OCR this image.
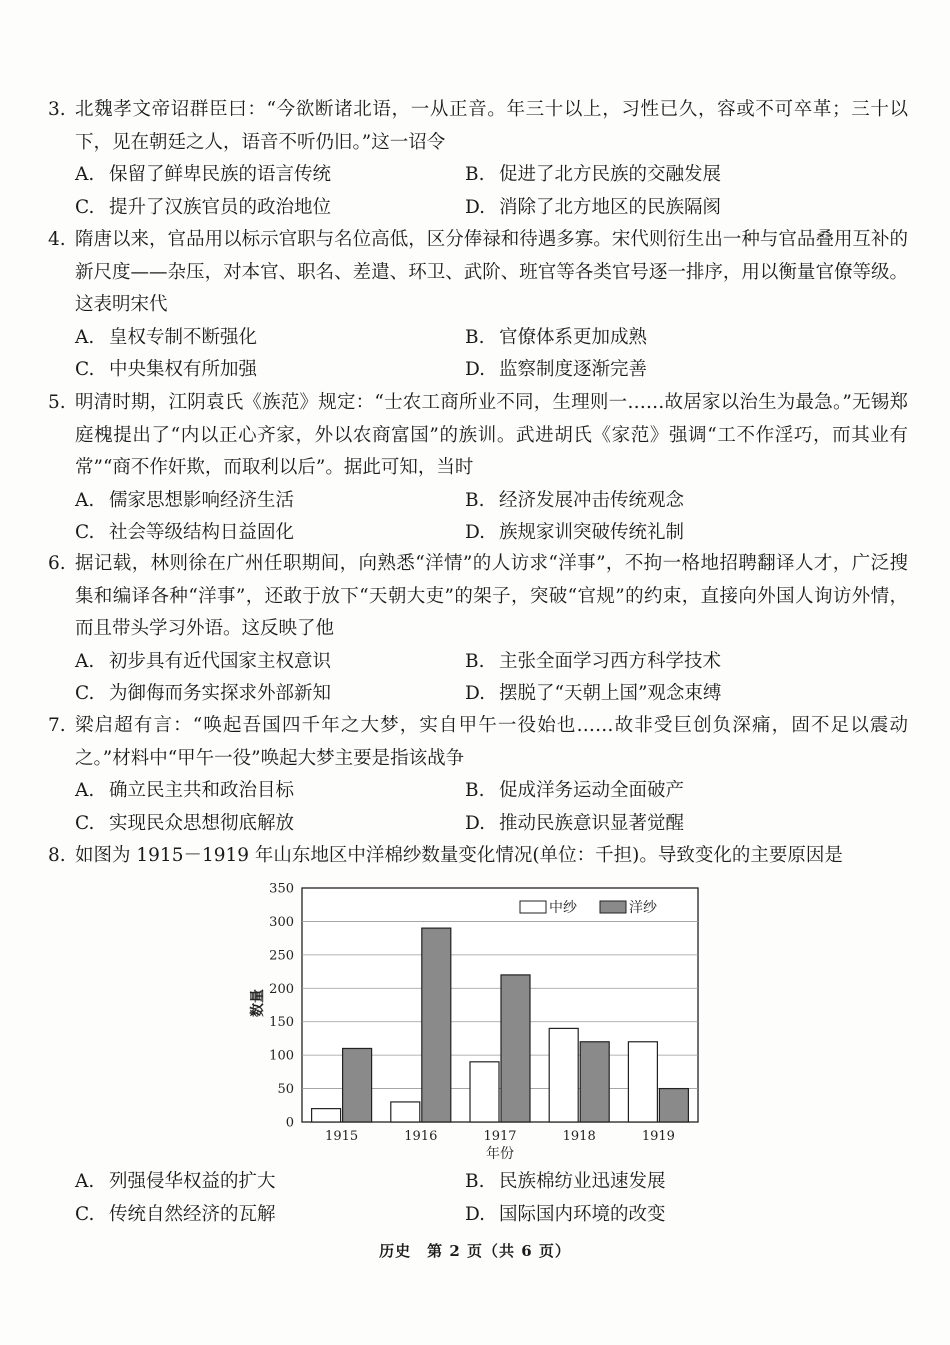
3. 北魏孝文帝诏群臣曰：“今欲断诸北语，一从正音。年三十以上，习性已久，容或不可卒革；三十以下，见在朝廷之人，语音不听仍旧。”这一诏令
A. 保留了鲜卑民族的语言传统	B. 促进了北方民族的交融发展
C. 提升了汉族官员的政治地位	D. 消除了北方地区的民族隔阂
4. 隋唐以来，官品用以标示官职与名位高低，区分俸禄和待遇多寡。宋代则衍生出一种与官品叠用互补的新尺度——杂压，对本官、职名、差遣、环卫、武阶、班官等各类官号逐一排序，用以衡量官僚等级。这表明宋代
A. 皇权专制不断强化	B. 官僚体系更加成熟
C. 中央集权有所加强	D. 监察制度逐渐完善
5. 明清时期，江阴袁氏《族范》规定：“士农工商所业不同，生理则一……故居家以治生为最急。”无锡郑庭槐提出了“内以正心齐家，外以农商富国”的族训。武进胡氏《家范》强调“工不作淫巧，而其业有常”“商不作奸欺，而取利以后”。据此可知，当时
A. 儒家思想影响经济生活	B. 经济发展冲击传统观念
C. 社会等级结构日益固化	D. 族规家训突破传统礼制
6. 据记载，林则徐在广州任职期间，向熟悉“洋情”的人访求“洋事”，不拘一格地招聘翻译人才，广泛搜集和编译各种“洋事”，还敢于放下“天朝大吏”的架子，突破“官规”的约束，直接向外国人询访外情，而且带头学习外语。这反映了他
A. 初步具有近代国家主权意识	B. 主张全面学习西方科学技术
C. 为御侮而务实探求外部新知	D. 摆脱了“天朝上国”观念束缚
7. 梁启超有言：“唤起吾国四千年之大梦，实自甲午一役始也……故非受巨创负深痛，固不足以震动之。”材料中“甲午一役”唤起大梦主要是指该战争
A. 确立民主共和政治目标	B. 促成洋务运动全面破产
C. 实现民众思想彻底解放	D. 推动民族意识显著觉醒
8. 如图为 1915－1919 年山东地区中洋棉纱数量变化情况(单位：千担)。导致变化的主要原因是
0
50
100
150
200
250
300
350
数量
1915	1916	1917	1918	1919
年份
中纱	洋纱
A. 列强侵华权益的扩大	B. 民族棉纺业迅速发展
C. 传统自然经济的瓦解	D. 国际国内环境的改变
历史　第 2 页（共 6 页）
